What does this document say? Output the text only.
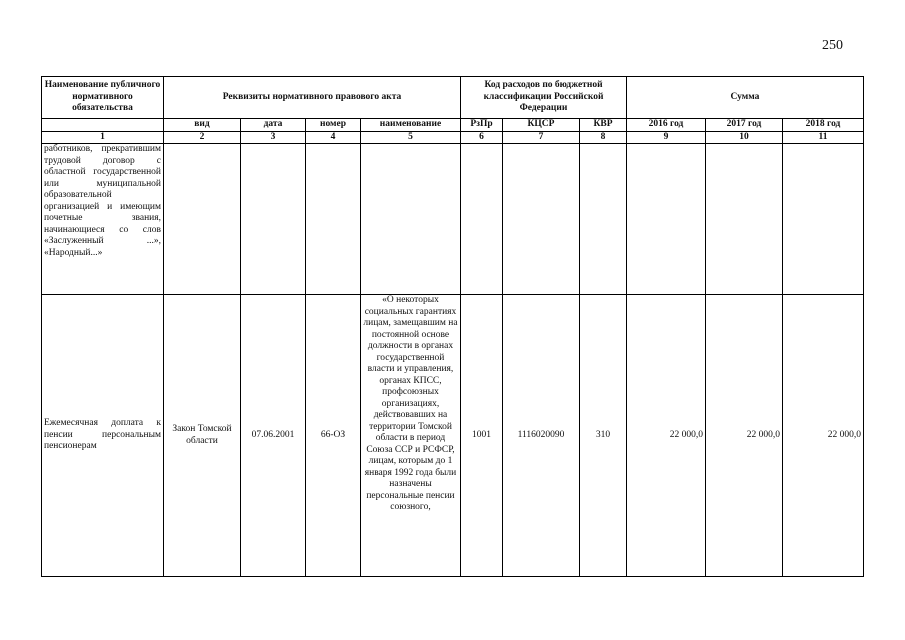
250
Наименование публичного нормативного обязательства	Реквизиты нормативного правового акта				Код расходов по бюджетной классификации Российской Федерации			Сумма		
	вид	дата	номер	наименование	РзПр	КЦСР	КВР	2016 год	2017 год	2018 год
1	2	3	4	5	6	7	8	9	10	11
работников, прекратившим трудовой договор с областной государственной или муниципальной образовательной организацией и имеющим почетные звания, начинающиеся со слов «Заслуженный ...», «Народный...»										
Ежемесячная доплата к пенсии персональным пенсионерам	Закон Томской области	07.06.2001	66-ОЗ	«О некоторых социальных гарантиях лицам, замещавшим на постоянной основе должности в органах государственной власти и управления, органах КПСС, профсоюзных организациях, действовавших на территории Томской области в период Союза ССР и РСФСР, лицам, которым до 1 января 1992 года были назначены персональные пенсии союзного,	1001	1116020090	310	22 000,0	22 000,0	22 000,0
